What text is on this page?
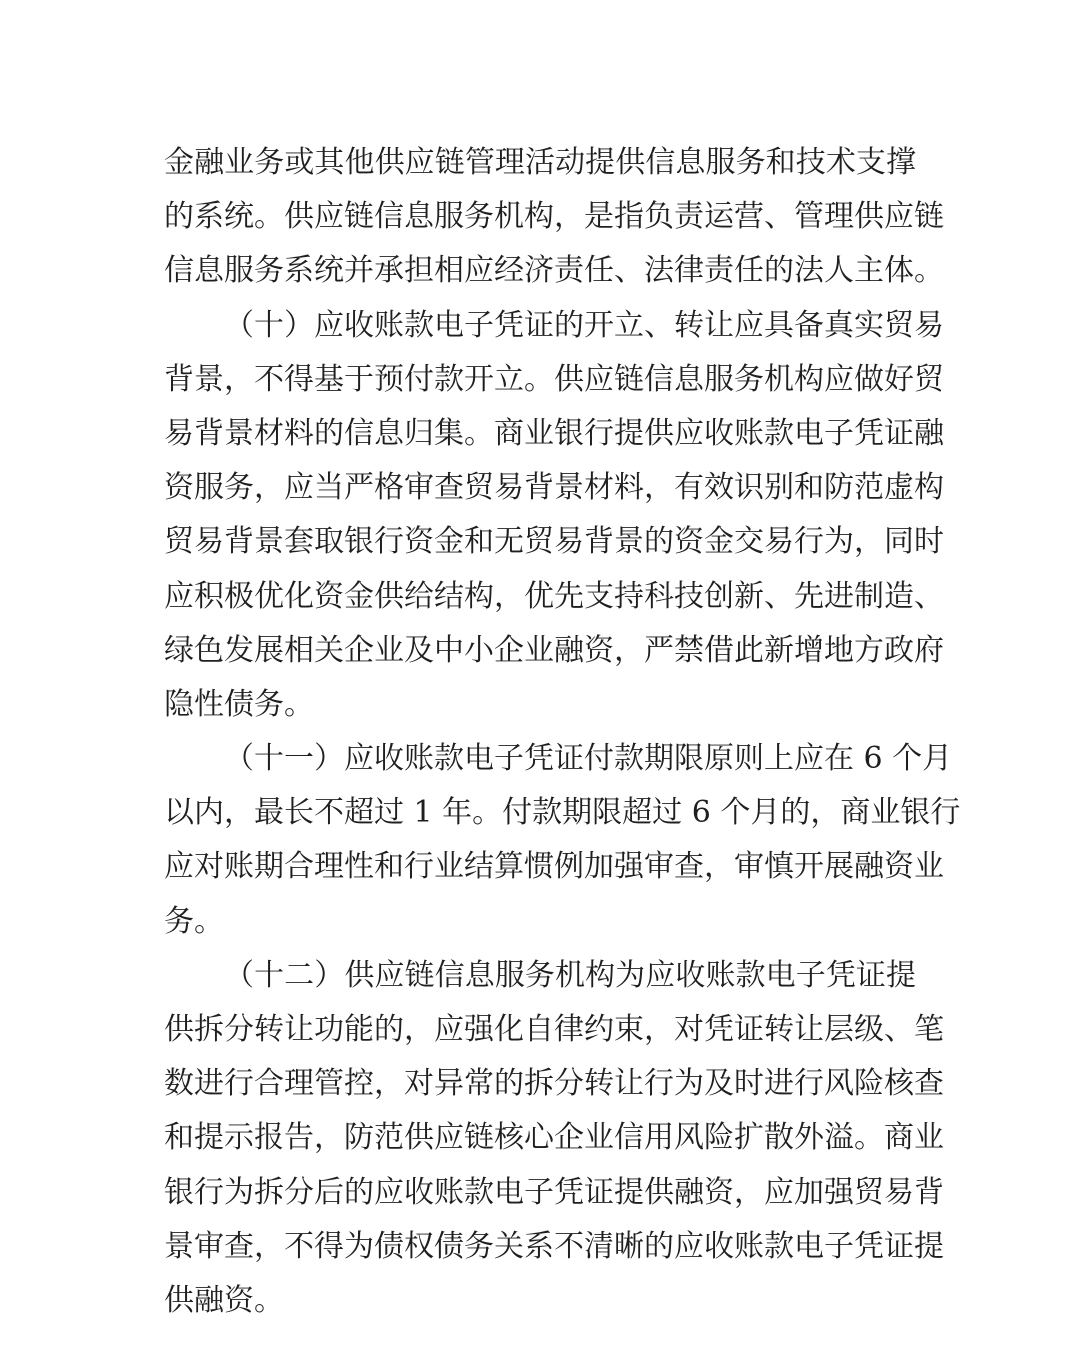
金融业务或其他供应链管理活动提供信息服务和技术支撑
的系统。供应链信息服务机构，是指负责运营、管理供应链
信息服务系统并承担相应经济责任、法律责任的法人主体。
（十）应收账款电子凭证的开立、转让应具备真实贸易
背景，不得基于预付款开立。供应链信息服务机构应做好贸
易背景材料的信息归集。商业银行提供应收账款电子凭证融
资服务，应当严格审查贸易背景材料，有效识别和防范虚构
贸易背景套取银行资金和无贸易背景的资金交易行为，同时
应积极优化资金供给结构，优先支持科技创新、先进制造、
绿色发展相关企业及中小企业融资，严禁借此新增地方政府
隐性债务。
（十一）应收账款电子凭证付款期限原则上应在 6 个月
以内，最长不超过 1 年。付款期限超过 6 个月的，商业银行
应对账期合理性和行业结算惯例加强审查，审慎开展融资业
务。
（十二）供应链信息服务机构为应收账款电子凭证提
供拆分转让功能的，应强化自律约束，对凭证转让层级、笔
数进行合理管控，对异常的拆分转让行为及时进行风险核查
和提示报告，防范供应链核心企业信用风险扩散外溢。商业
银行为拆分后的应收账款电子凭证提供融资，应加强贸易背
景审查，不得为债权债务关系不清晰的应收账款电子凭证提
供融资。
